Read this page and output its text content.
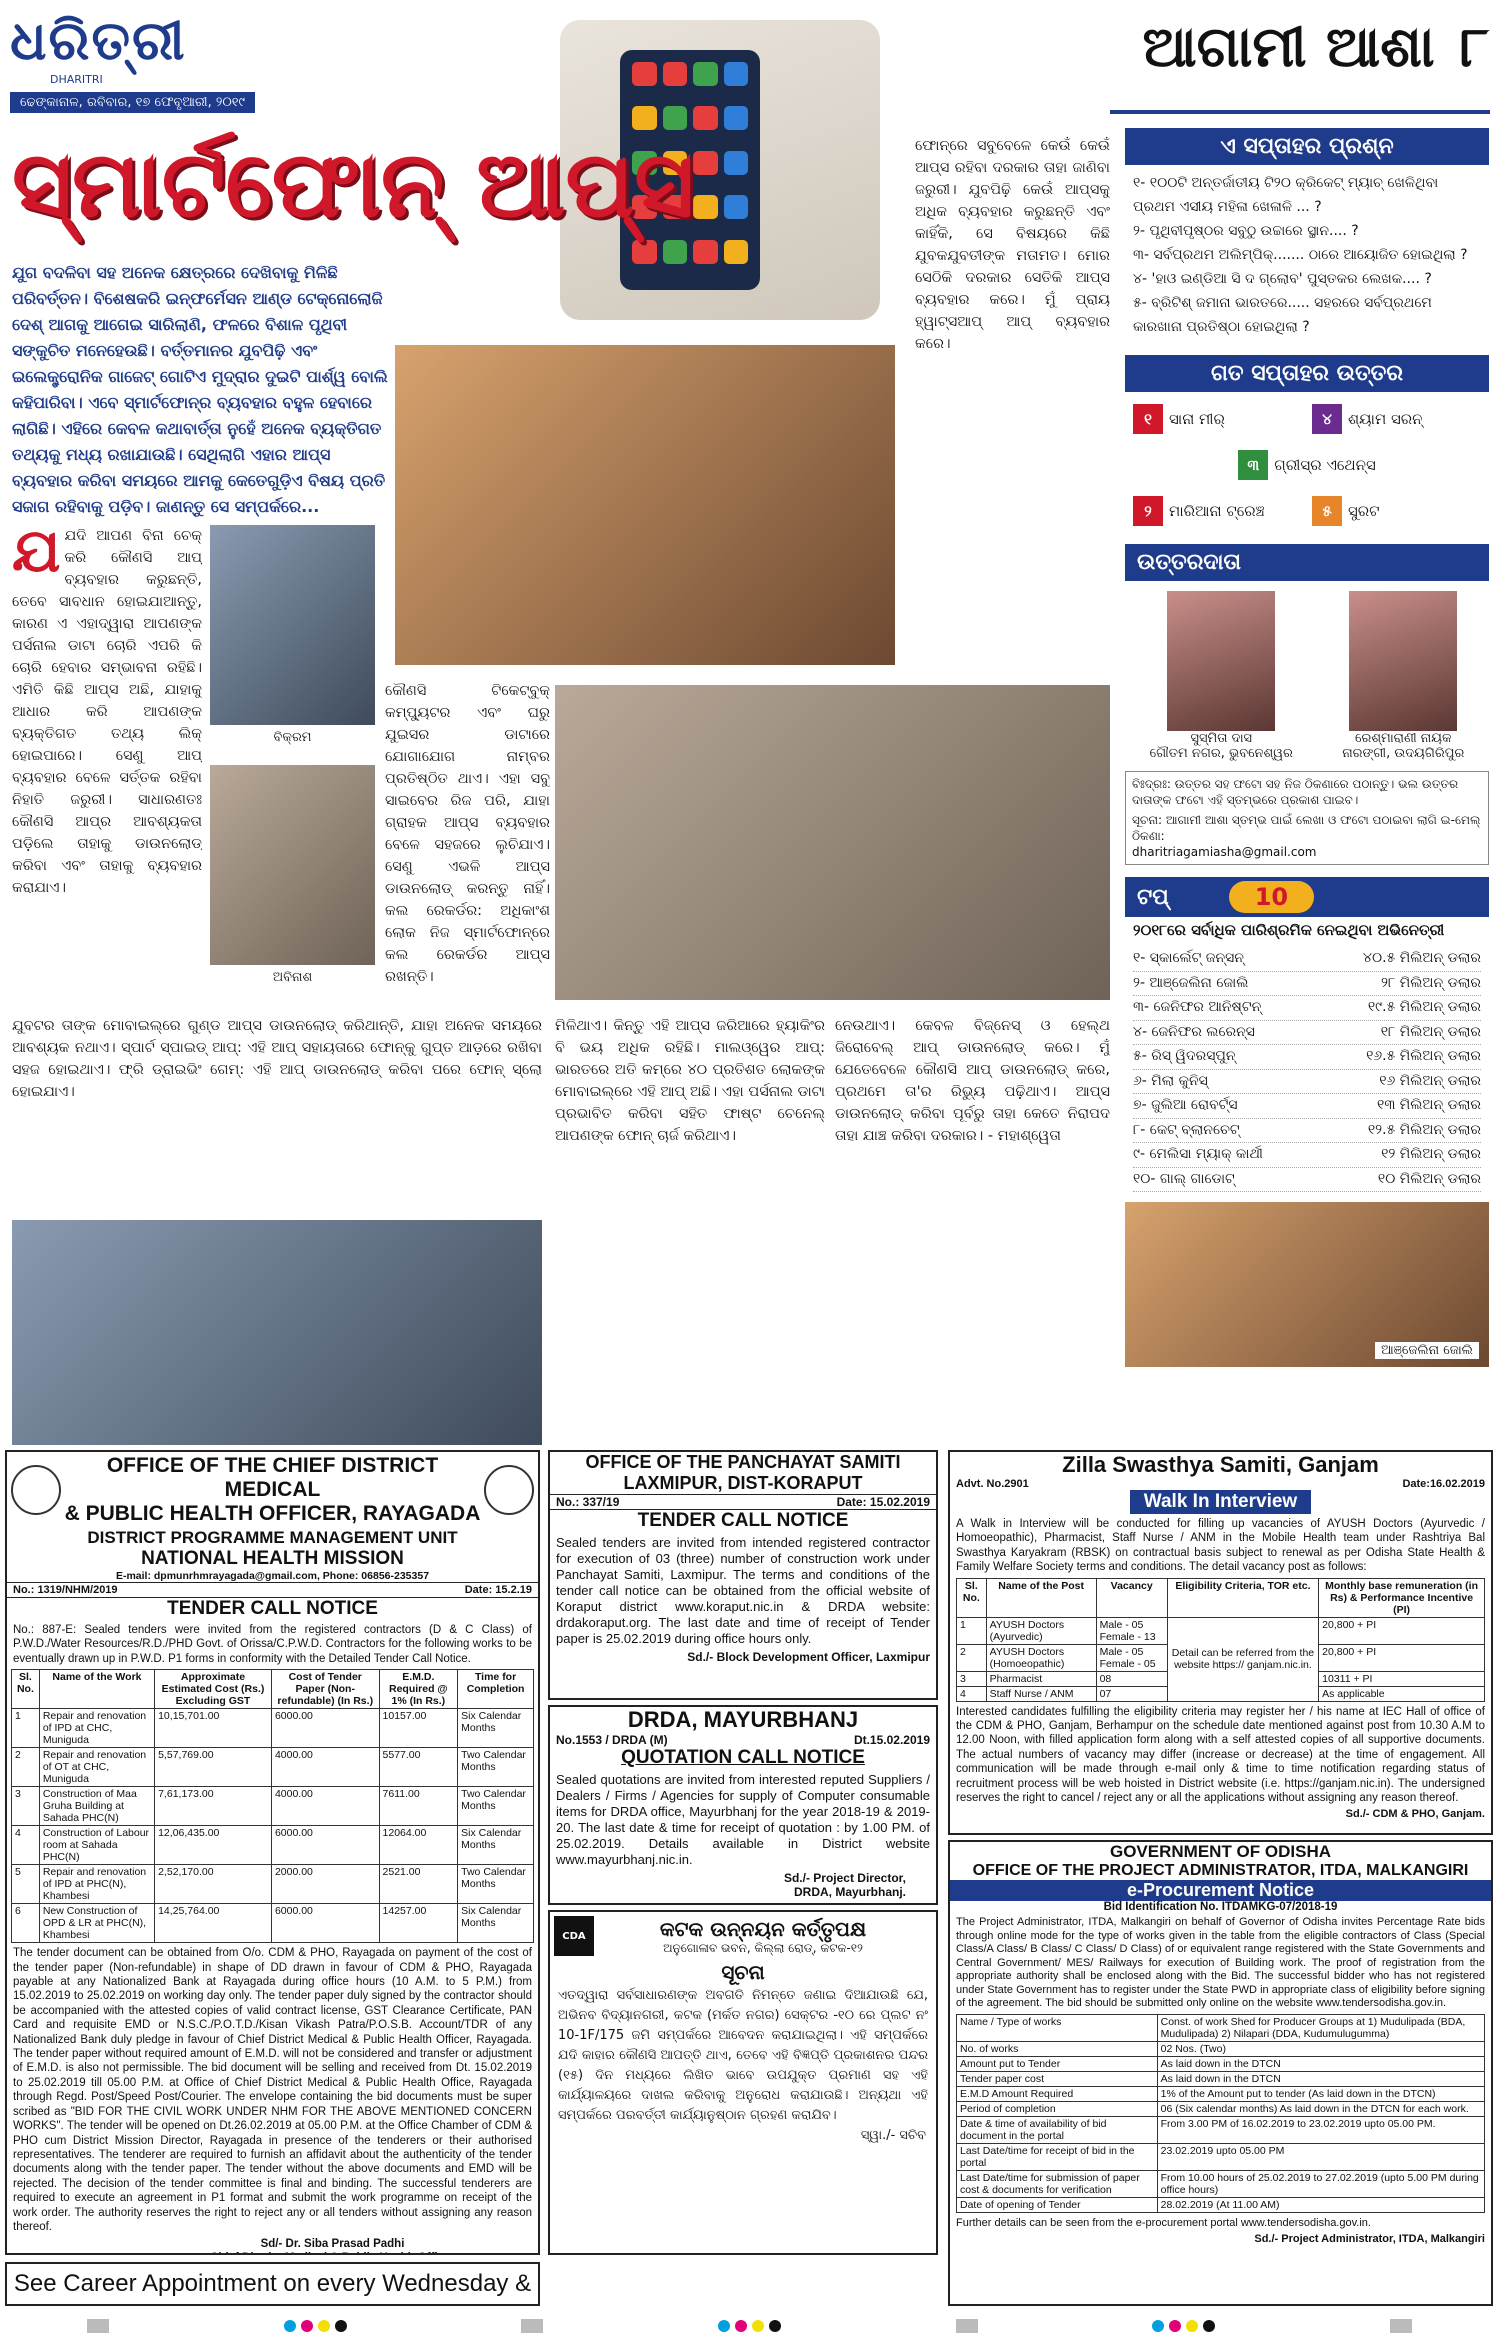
ଧରିତ୍ରୀ
DHARITRI
ଢେଙ୍କାନାଳ, ରବିବାର, ୧୭ ଫେବୃଆରୀ, ୨୦୧୯
ଆଗାମୀ ଆଶା ୮
ସ୍ମାର୍ଟଫୋନ୍ ଆପ୍ସ
ଯୁଗ ବଦଳିବା ସହ ଅନେକ କ୍ଷେତ୍ରରେ ଦେଖିବାକୁ ମିଳିଛି ପରିବର୍ତ୍ତନ। ବିଶେଷକରି ଇନ୍ଫର୍ମେସନ ଆଣ୍ଡ ଟେକ୍ନୋଲୋଜି ଦେଶ୍‌ ଆଗକୁ ଆଗେଇ ସାରିଲାଣି, ଫଳରେ ବିଶାଳ ପୃଥିବୀ ସଙ୍କୁଚିତ ମନେହେଉଛି। ବର୍ତ୍ତମାନର ଯୁବପିଢ଼ି ଏବଂ ଇଲେକ୍ଟ୍ରୋନିକ ଗାଜେଟ୍ ଗୋଟିଏ ମୁଦ୍ରାର ଦୁଇଟି ପାର୍ଶ୍ୱ ବୋଲି କହିପାରିବା। ଏବେ ସ୍ମାର୍ଟଫୋନ୍‌ର ବ୍ୟବହାର ବହୁଳ ହେବାରେ ଲାଗିଛି। ଏହିରେ କେବଳ କଥାବାର୍ତ୍ତା ନୁହେଁ ଅନେକ ବ୍ୟକ୍ତିଗତ ତଥ୍ୟକୁ ମଧ୍ୟ ରଖାଯାଉଛି। ସେଥିଲାଗି ଏହାର ଆପ୍ସ ବ୍ୟବହାର କରିବା ସମୟରେ ଆମକୁ କେତେଗୁଡ଼ିଏ ବିଷୟ ପ୍ରତି ସଜାଗ ରହିବାକୁ ପଡ଼ିବ। ଜାଣନ୍ତୁ ସେ ସମ୍ପର୍କରେ...
ଫୋନ୍‌ରେ ସବୁବେଳେ କେଉଁ କେଉଁ ଆପ୍ସ ରହିବା ଦରକାର ତାହା ଜାଣିବା ଜରୁରୀ। ଯୁବପିଢ଼ି କେଉଁ ଆପ୍ସକୁ ଅଧିକ ବ୍ୟବହାର କରୁଛନ୍ତି ଏବଂ କାହିଁକି, ସେ ବିଷୟରେ କିଛି ଯୁବକଯୁବତୀଙ୍କ ମତାମତ। ମୋର ସେଠିକି ଦରକାର ସେତିକି ଆପ୍ସ ବ୍ୟବହାର କରେ। ମୁଁ ପ୍ରାୟ ହ୍ୱାଟ୍ସଆପ୍ ଆପ୍ ବ୍ୟବହାର କରେ।
ଯ ଯଦି ଆପଣ ବିନା ଚେକ୍ କରି କୌଣସି ଆପ୍ ବ୍ୟବହାର କରୁଛନ୍ତି, ତେବେ ସାବଧାନ ହୋଇଯାଆନ୍ତୁ, କାରଣ ଏ ଏହାଦ୍ୱାରା ଆପଣଙ୍କ ପର୍ସନାଲ ଡାଟା ଚୋରି ଏପରି କି ଚୋରି ହେବାର ସମ୍ଭାବନା ରହିଛି। ଏମିତି କିଛି ଆପ୍ସ ଅଛି, ଯାହାକୁ ଆଧାର କରି ଆପଣଙ୍କ ବ୍ୟକ୍ତିଗତ ତଥ୍ୟ ଲିକ୍ ହୋଇପାରେ। ସେଣୁ ଆପ୍ ବ୍ୟବହାର ବେଳେ ସର୍ତ୍ତକ ରହିବା ନିହାତି ଜରୁରୀ। ସାଧାରଣତଃ କୌଣସି ଆପ୍‌ର ଆବଶ୍ୟକତା ପଡ଼ିଲେ ତାହାକୁ ଡାଉନଲୋଡ୍ କରିବା ଏବଂ ତାହାକୁ ବ୍ୟବହାର କରାଯାଏ।
ବିକ୍ରମ
ଅବିନାଶ
କୌଣସି ଟିକେଟ୍‌ବୁକ୍ କମ୍ପ୍ୟୁଟର ଏବଂ ଘରୁ ଯୁଇସର ଡାଟାରେ ଯୋଗାଯୋଗ ନାମ୍ବର ପ୍ରତିଷ୍ଠିତ ଥାଏ। ଏହା ସବୁ ସାଇବେର ରିଜ ପରି, ଯାହା ଗ୍ରାହକ ଆପ୍ସ ବ୍ୟବହାର ବେଳେ ସହଜରେ ଲୁଚିଯାଏ। ସେଣୁ ଏଭଳି ଆପ୍ସ ଡାଉନଲୋଡ୍ କରନ୍ତୁ ନାହିଁ। କଲ ରେକର୍ଡର: ଅଧିକାଂଶ ଲୋକ ନିଜ ସ୍ମାର୍ଟଫୋନ୍‌ରେ କଲ ରେକର୍ଡର ଆପ୍ସ ରଖନ୍ତି।
ଯୁବଟର ତାଙ୍କ ମୋବାଇଲ୍‌ରେ ଗୁଣ୍ଡ ଆପ୍ସ ଡାଉନଲୋଡ୍ କରିଥାନ୍ତି, ଯାହା ଅନେକ ସମୟରେ ଆବଶ୍ୟକ ନଥାଏ। ସ୍ପାର୍ଟ ସ୍ପାଇଡ୍ ଆପ୍: ଏହି ଆପ୍ ସହାୟତାରେ ଫୋନ୍‌କୁ ଗୁପ୍ତ ଆଡ଼ରେ ରଖିବା ସହଜ ହୋଇଥାଏ। ଫ୍ରି ଡ୍ରାଇଭିଂ ଗେମ୍: ଏହି ଆପ୍ ଡାଉନଲୋଡ୍ କରିବା ପରେ ଫୋନ୍ ସ୍ଲୋ ହୋଇଯାଏ।
ମିଳିଥାଏ। କିନ୍ତୁ ଏହି ଆପ୍ସ ଜରିଆରେ ହ୍ୟାକିଂର ବି ଭୟ ଅଧିକ ରହିଛି। ମାଲଓ୍ୱେର ଆପ୍: ଭାରତରେ ଅତି କମ୍‌ରେ ୪୦ ପ୍ରତିଶତ ଲୋକଙ୍କ ମୋବାଇଲ୍‌ରେ ଏହି ଆପ୍ ଅଛି। ଏହା ପର୍ସନାଲ ଡାଟା ପ୍ରଭାବିତ କରିବା ସହିତ ଫାଷ୍ଟ ଚେନେଲ୍ ଆପଣଙ୍କ ଫୋନ୍ ଚାର୍ଜ କରିଥାଏ।
ନେଉଥାଏ। କେବଳ ବିଜ୍ନେସ୍ ଓ ହେଲ୍ଥ ଜିରୋବେଲ୍ ଆପ୍ ଡାଉନଲୋଡ୍ କରେ। ମୁଁ ଯେତେବେଳେ କୌଣସି ଆପ୍ ଡାଉନଲୋଡ୍ କରେ, ପ୍ରଥମେ ତା'ର ରିଭ୍ୟୁ ପଢ଼ିଥାଏ। ଆପ୍ସ ଡାଉନଲୋଡ୍ କରିବା ପୂର୍ବରୁ ତାହା କେତେ ନିରାପଦ ତାହା ଯାଞ୍ଚ କରିବା ଦରକାର। - ମହାଶ୍ୱେତା
ଏ ସପ୍ତାହର ପ୍ରଶ୍ନ
୧- ୧୦୦ଟି ଅନ୍ତର୍ଜାତୀୟ ଟି୨୦ କ୍ରିକେଟ୍ ମ୍ୟାଚ୍ ଖେଳିଥିବା ପ୍ରଥମ ଏସୀୟ ମହିଳା ଖେଳାଳି ... ?
୨- ପୃଥିବୀପୃଷ୍ଠର ସବୁଠୁ ଉଚ୍ଚାରେ ସ୍ଥାନ.... ?
୩- ସର୍ବପ୍ରଥମ ଅଲିମ୍ପିକ୍....... ଠାରେ ଆୟୋଜିତ ହୋଇଥିଲା ?
୪- 'ହାଓ ଇଣ୍ଡିଆ ସି ଦ ଗ୍ଲୋବ' ପୁସ୍ତକର ଲେଖକ.... ?
୫- ବ୍ରିଟିଶ୍ ଜମାନା ଭାରତରେ..... ସହରରେ ସର୍ବପ୍ରଥମେ କାରଖାନା ପ୍ରତିଷ୍ଠା ହୋଇଥିଲା ?
ଗତ ସପ୍ତାହର ଉତ୍ତର
୧	ସାନା ମୀର୍	୪	ଶ୍ୟାମ ସରନ୍
୩	ଗ୍ରୀସ୍‌ର ଏଥେନ୍ସ
୨	ମାରିଆନା ଟ୍ରେଞ୍ଚ	୫	ସୁରଟ
ଉତ୍ତରଦାତା
ସୁସ୍ମିତା ଦାସ
ଗୌତମ ନଗର, ଭୁବନେଶ୍ୱର
ରେଶ୍ମାରାଣୀ ନାୟକ
ନାରଙ୍ଗୀ, ଉଦୟଗିରିପୁର
ବିଃଦ୍ରଃ: ଉତ୍ତର ସହ ଫଟୋ ସହ ନିଜ ଠିକଣାରେ ପଠାନ୍ତୁ। ଭଲ ଉତ୍ତର ଦାତାଙ୍କ ଫଟୋ ଏହି ସ୍ତମ୍ଭରେ ପ୍ରକାଶ ପାଇବ।
ସୂଚନା: ଆଗାମୀ ଆଶା ସ୍ତମ୍ଭ ପାଇଁ ଲେଖା ଓ ଫଟୋ ପଠାଇବା ଲାଗି ଇ-ମେଲ୍ ଠିକଣା:
dharitriagamiasha@gmail.com
ଟପ୍	10
୨୦୧୮ରେ ସର୍ବାଧିକ ପାରିଶ୍ରମିକ ନେଇଥିବା ଅଭିନେତ୍ରୀ
୧- ସ୍କାର୍ଲେଟ୍ ଜନ୍ସନ୍	୪୦.୫ ମିଲିଅନ୍ ଡଲାର
୨- ଆଞ୍ଜେଲିନା ଜୋଲି	୨୮ ମିଲିଅନ୍ ଡଲାର
୩- ଜେନିଫର ଆନିଷ୍ଟନ୍	୧୯.୫ ମିଲିଅନ୍ ଡଲାର
୪- ଜେନିଫର ଲରେନ୍ସ	୧୮ ମିଲିଅନ୍ ଡଲାର
୫- ରିସ୍ ୱିଦରସ୍ପୁନ୍	୧୬.୫ ମିଲିଅନ୍ ଡଲାର
୬- ମିଲା କୁନିସ୍	୧୬ ମିଲିଅନ୍ ଡଲାର
୭- ଜୁଲିଆ ରୋବର୍ଟ୍ସ	୧୩ ମିଲିଅନ୍ ଡଲାର
୮- କେଟ୍ ବ୍ଲାନଚେଟ୍	୧୨.୫ ମିଲିଅନ୍ ଡଲାର
୯- ମେଲିସା ମ୍ୟାକ୍ କାର୍ଥୀ	୧୨ ମିଲିଅନ୍ ଡଲାର
୧୦- ଗାଲ୍ ଗାଡୋଟ୍	୧୦ ମିଲିଅନ୍ ଡଲାର
ଆଞ୍ଜେଲିନା ଜୋଲି
OFFICE OF THE CHIEF DISTRICT MEDICAL
& PUBLIC HEALTH OFFICER, RAYAGADA
DISTRICT PROGRAMME MANAGEMENT UNIT
NATIONAL HEALTH MISSION
E-mail: dpmunrhmrayagada@gmail.com, Phone: 06856-235357
No.: 1319/NHM/2019	Date: 15.2.19
TENDER CALL NOTICE
No.: 887-E: Sealed tenders were invited from the registered contractors (D & C Class) of P.W.D./Water Resources/R.D./PHD Govt. of Orissa/C.P.W.D. Contractors for the following works to be eventually drawn up in P.W.D. P1 forms in conformity with the Detailed Tender Call Notice.
Sl. No.	Name of the Work	Approximate Estimated Cost (Rs.) Excluding GST	Cost of Tender Paper (Non-refundable) (In Rs.)	E.M.D. Required @ 1% (In Rs.)	Time for Completion
1	Repair and renovation of IPD at CHC, Muniguda	10,15,701.00	6000.00	10157.00	Six Calendar Months
2	Repair and renovation of OT at CHC, Muniguda	5,57,769.00	4000.00	5577.00	Two Calendar Months
3	Construction of Maa Gruha Building at Sahada PHC(N)	7,61,173.00	4000.00	7611.00	Two Calendar Months
4	Construction of Labour room at Sahada PHC(N)	12,06,435.00	6000.00	12064.00	Six Calendar Months
5	Repair and renovation of IPD at PHC(N), Khambesi	2,52,170.00	2000.00	2521.00	Two Calendar Months
6	New Construction of OPD & LR at PHC(N), Khambesi	14,25,764.00	6000.00	14257.00	Six Calendar Months
The tender document can be obtained from O/o. CDM & PHO, Rayagada on payment of the cost of the tender paper (Non-refundable) in shape of DD drawn in favour of CDM & PHO, Rayagada payable at any Nationalized Bank at Rayagada during office hours (10 A.M. to 5 P.M.) from 15.02.2019 to 25.02.2019 on working day only. The tender paper duly signed by the contractor should be accompanied with the attested copies of valid contract license, GST Clearance Certificate, PAN Card and requisite EMD or N.S.C./P.O.T.D./Kisan Vikash Patra/P.O.S.B. Account/TDR of any Nationalized Bank duly pledge in favour of Chief District Medical & Public Health Officer, Rayagada. The tender paper without required amount of E.M.D. will not be considered and transfer or adjustment of E.M.D. is also not permissible. The bid document will be selling and received from Dt. 15.02.2019 to 25.02.2019 till 05.00 P.M. at Office of Chief District Medical & Public Health Office, Rayagada through Regd. Post/Speed Post/Courier. The envelope containing the bid documents must be super scribed as "BID FOR THE CIVIL WORK UNDER NHM FOR THE ABOVE MENTIONED CONCERN WORKS". The tender will be opened on Dt.26.02.2019 at 05.00 P.M. at the Office Chamber of CDM & PHO cum District Mission Director, Rayagada in presence of the tenderers or their authorised representatives. The tenderer are required to furnish an affidavit about the authenticity of the tender documents along with the tender paper. The tender without the above documents and EMD will be rejected. The decision of the tender committee is final and binding. The successful tenderers are required to execute an agreement in P1 format and submit the work programme on receipt of the work order. The authority reserves the right to reject any or all tenders without assigning any reason thereof.
Sd/- Dr. Siba Prasad Padhi
See Career Appointment on every Wednesday &
OFFICE OF THE PANCHAYAT SAMITI
LAXMIPUR, DIST-KORAPUT
No.: 337/19	Date: 15.02.2019
TENDER CALL NOTICE
Sealed tenders are invited from intended registered contractor for execution of 03 (three) number of construction work under Panchayat Samiti, Laxmipur. The terms and conditions of the tender call notice can be obtained from the official website of Koraput district www.koraput.nic.in & DRDA website: drdakoraput.org. The last date and time of receipt of Tender paper is 25.02.2019 during office hours only.
Sd./- Block Development Officer, Laxmipur
DRDA, MAYURBHANJ
No.1553 / DRDA (M)	Dt.15.02.2019
QUOTATION CALL NOTICE
Sealed quotations are invited from interested reputed Suppliers / Dealers / Firms / Agencies for supply of Computer consumable items for DRDA office, Mayurbhanj for the year 2018-19 & 2019-20. The last date & time for receipt of quotation : by 1.00 PM. of 25.02.2019. Details available in District website www.mayurbhanj.nic.in.
Sd./- Project Director,
DRDA, Mayurbhanj.
CDA	କଟକ ଉନ୍ନୟନ କର୍ତ୍ତୃପକ୍ଷ
ଅନୁଗୋଳାବ ଭବନ, କିଲ୍ଲା ରୋଡ୍, କଟକ-୧୨
ସୂଚନା
ଏତଦ୍ୱାରା ସର୍ବସାଧାରଣଙ୍କ ଅବଗତି ନିମନ୍ତେ ଜଣାଇ ଦିଆଯାଉଛି ଯେ, ଅଭିନବ ବିଦ୍ୟାନଗରୀ, କଟକ (ମର୍କତ ନଗର) ସେକ୍ଟର -୧୦ ରେ ପ୍ଲଟ ନଂ 10-1F/175 ଜମି ସମ୍ପର୍କରେ ଆବେଦନ କରାଯାଇଥିଲା। ଏହି ସମ୍ପର୍କରେ ଯଦି କାହାର କୌଣସି ଆପତ୍ତି ଥାଏ, ତେବେ ଏହି ବିଜ୍ଞପ୍ତି ପ୍ରକାଶନର ପନ୍ଦର (୧୫) ଦିନ ମଧ୍ୟରେ ଲିଖିତ ଭାବେ ଉପଯୁକ୍ତ ପ୍ରମାଣ ସହ ଏହି କାର୍ଯ୍ୟାଳୟରେ ଦାଖଲ କରିବାକୁ ଅନୁରୋଧ କରାଯାଉଛି। ଅନ୍ୟଥା ଏହି ସମ୍ପର୍କରେ ପରବର୍ତ୍ତୀ କାର୍ଯ୍ୟାନୁଷ୍ଠାନ ଗ୍ରହଣ କରାଯିବ।
ସ୍ୱା./- ସଚିବ
Zilla Swasthya Samiti, Ganjam
Advt. No.2901	Date:16.02.2019
Walk In Interview
A Walk in Interview will be conducted for filling up vacancies of AYUSH Doctors (Ayurvedic / Homoeopathic), Pharmacist, Staff Nurse / ANM in the Mobile Health team under Rashtriya Bal Swasthya Karyakram (RBSK) on contractual basis subject to renewal as per Odisha State Health & Family Welfare Society terms and conditions. The detail vacancy post as follows:
Sl. No.	Name of the Post	Vacancy	Eligibility Criteria, TOR etc.	Monthly base remuneration (in Rs) & Performance Incentive (PI)
1	AYUSH Doctors (Ayurvedic)	Male - 05 Female - 13	Detail can be referred from the website https:// ganjam.nic.in.	20,800 + PI
2	AYUSH Doctors (Homoeopathic)	Male - 05 Female - 05		20,800 + PI
3	Pharmacist	08		10311 + PI
4	Staff Nurse / ANM	07		As applicable
Interested candidates fulfilling the eligibility criteria may register her / his name at IEC Hall of office of the CDM & PHO, Ganjam, Berhampur on the schedule date mentioned against post from 10.30 A.M to 12.00 Noon, with filled application form along with a self attested copies of all supportive documents. The actual numbers of vacancy may differ (increase or decrease) at the time of engagement. All communication will be made through e-mail only & time to time notification regarding status of recruitment process will be web hoisted in District website (i.e. https://ganjam.nic.in). The undersigned reserves the right to cancel / reject any or all the applications without assigning any reason thereof.
Sd./- CDM & PHO, Ganjam.
GOVERNMENT OF ODISHA
OFFICE OF THE PROJECT ADMINISTRATOR, ITDA, MALKANGIRI
e-Procurement Notice
Bid Identification No. ITDAMKG-07/2018-19
The Project Administrator, ITDA, Malkangiri on behalf of Governor of Odisha invites Percentage Rate bids through online mode for the type of works given in the table from the eligible contractors of Class (Special Class/A Class/ B Class/ C Class/ D Class) of or equivalent range registered with the State Governments and Central Government/ MES/ Railways for execution of Building work. The proof of registration from the appropriate authority shall be enclosed along with the Bid. The successful bidder who has not registered under State Government has to register under the State PWD in appropriate class of eligibility before signing of the agreement. The bid should be submitted only online on the website www.tendersodisha.gov.in.
Name / Type of works	Const. of work Shed for Producer Groups at 1) Mudulipada (BDA, Mudulipada) 2) Nilapari (DDA, Kudumulugumma)
No. of works	02 Nos. (Two)
Amount put to Tender	As laid down in the DTCN
Tender paper cost	As laid down in the DTCN
E.M.D Amount Required	1% of the Amount put to tender (As laid down in the DTCN)
Period of completion	06 (Six calendar months) As laid down in the DTCN for each work.
Date & time of availability of bid document in the portal	From 3.00 PM of 16.02.2019 to 23.02.2019 upto 05.00 PM.
Last Date/time for receipt of bid in the portal	23.02.2019 upto 05.00 PM
Last Date/time for submission of paper cost & documents for verification	From 10.00 hours of 25.02.2019 to 27.02.2019 (upto 5.00 PM during office hours)
Date of opening of Tender	28.02.2019 (At 11.00 AM)
Further details can be seen from the e-procurement portal www.tendersodisha.gov.in.
Sd./- Project Administrator, ITDA, Malkangiri
